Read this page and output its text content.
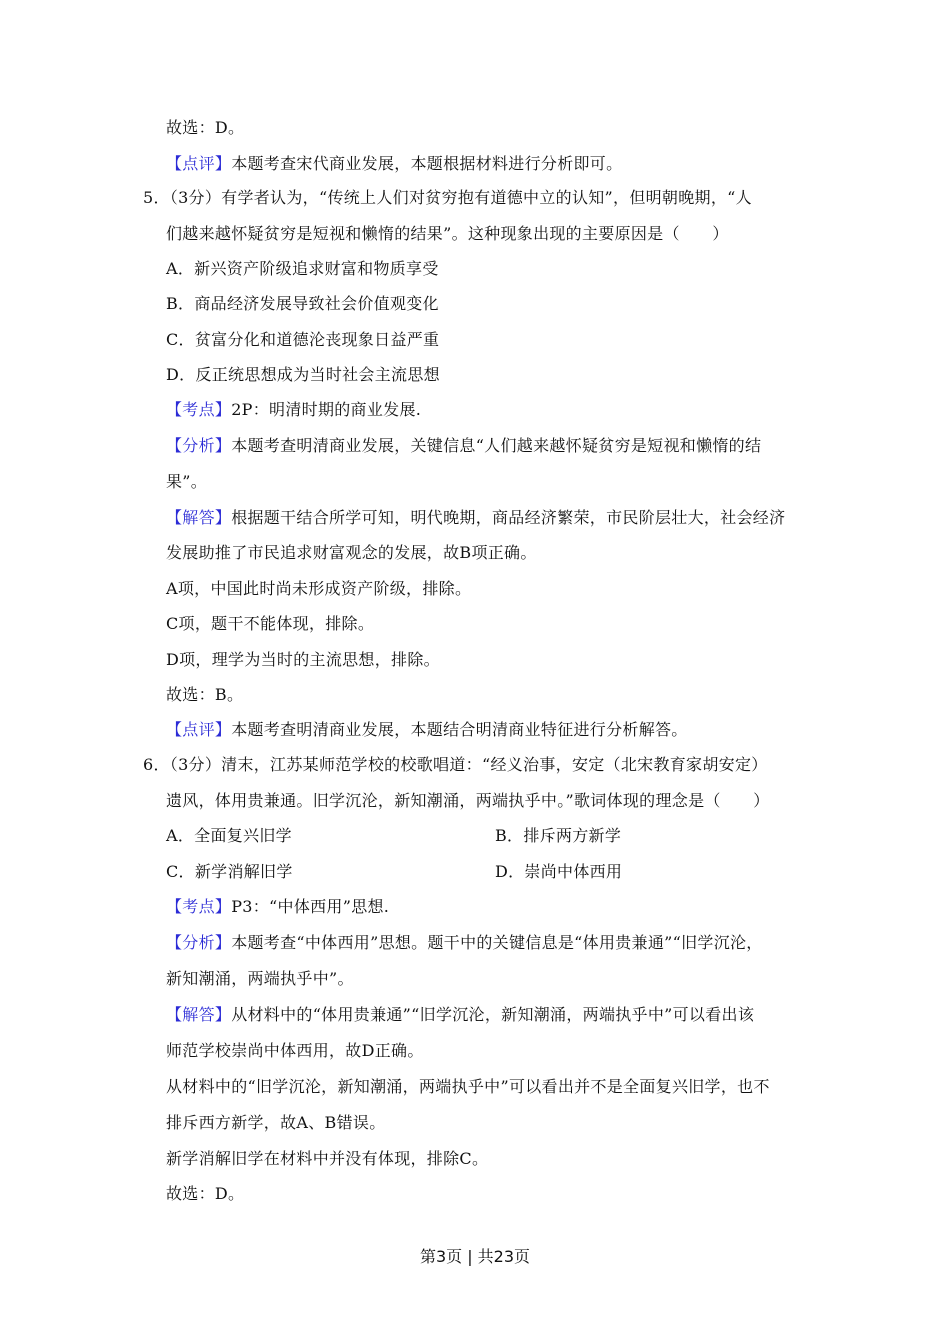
故选：D。
【点评】本题考查宋代商业发展，本题根据材料进行分析即可。
5．（3分）有学者认为，“传统上人们对贫穷抱有道德中立的认知”，但明朝晚期，“人
们越来越怀疑贫穷是短视和懒惰的结果”。这种现象出现的主要原因是（　　）
A．新兴资产阶级追求财富和物质享受
B．商品经济发展导致社会价值观变化
C．贫富分化和道德沦丧现象日益严重
D．反正统思想成为当时社会主流思想
【考点】2P：明清时期的商业发展.
【分析】本题考查明清商业发展，关键信息“人们越来越怀疑贫穷是短视和懒惰的结
果”。
【解答】根据题干结合所学可知，明代晚期，商品经济繁荣，市民阶层壮大，社会经济
发展助推了市民追求财富观念的发展，故B项正确。
A项，中国此时尚未形成资产阶级，排除。
C项，题干不能体现，排除。
D项，理学为当时的主流思想，排除。
故选：B。
【点评】本题考查明清商业发展，本题结合明清商业特征进行分析解答。
6．（3分）清末，江苏某师范学校的校歌唱道：“经义治事，安定（北宋教育家胡安定）
遗风，体用贵兼通。旧学沉沦，新知潮涌，两端执乎中。”歌词体现的理念是（　　）
A．全面复兴旧学	B．排斥两方新学
C．新学消解旧学	D．崇尚中体西用
【考点】P3：“中体西用”思想.
【分析】本题考查“中体西用”思想。题干中的关键信息是“体用贵兼通”“旧学沉沦，
新知潮涌，两端执乎中”。
【解答】从材料中的“体用贵兼通”“旧学沉沦，新知潮涌，两端执乎中”可以看出该
师范学校崇尚中体西用，故D正确。
从材料中的“旧学沉沦，新知潮涌，两端执乎中”可以看出并不是全面复兴旧学，也不
排斥西方新学，故A、B错误。
新学消解旧学在材料中并没有体现，排除C。
故选：D。
第3页 | 共23页
